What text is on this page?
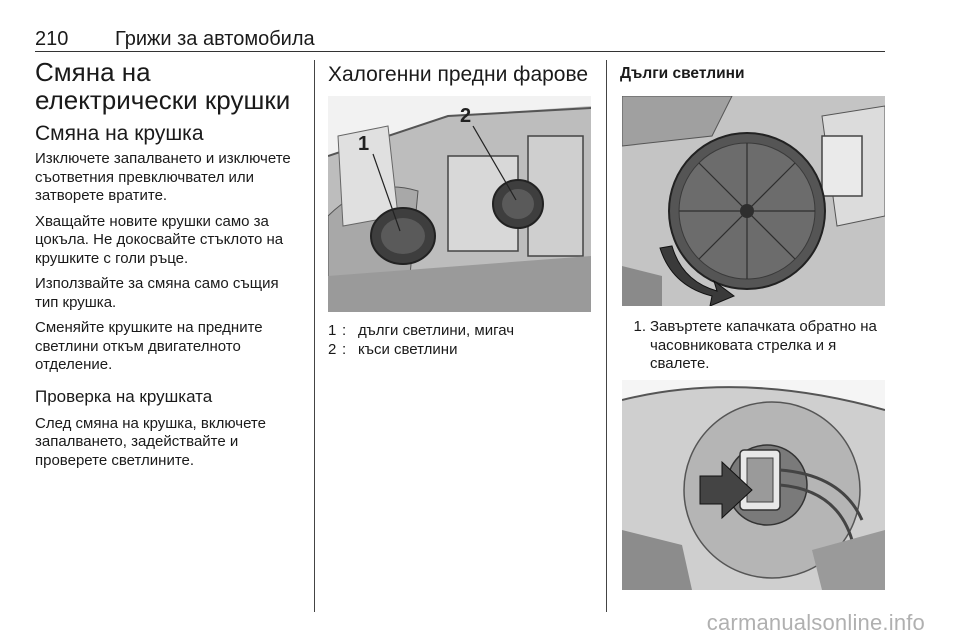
210 Грижи за автомобила
Смяна на
електрически крушки
Смяна на крушка

Изключете запалването и изключете съответния превключвател или затворете вратите.

Хващайте новите крушки само за цокъла. Не докосвайте стъклото на крушките с голи ръце.

Използвайте за смяна само същия тип крушка.

Сменяйте крушките на предните светлини откъм двигателното отделение.

Проверка на крушката

След смяна на крушка, включете запалването, задействайте и проверете светлините.

Халогенни предни фарове
1
2
1 : дълги светлини, мигач
2 : къси светлини
Дълги светлини
1. Завъртете капачката обратно на часовниковата стрелка и я свалете.
carmanualsonline.info
